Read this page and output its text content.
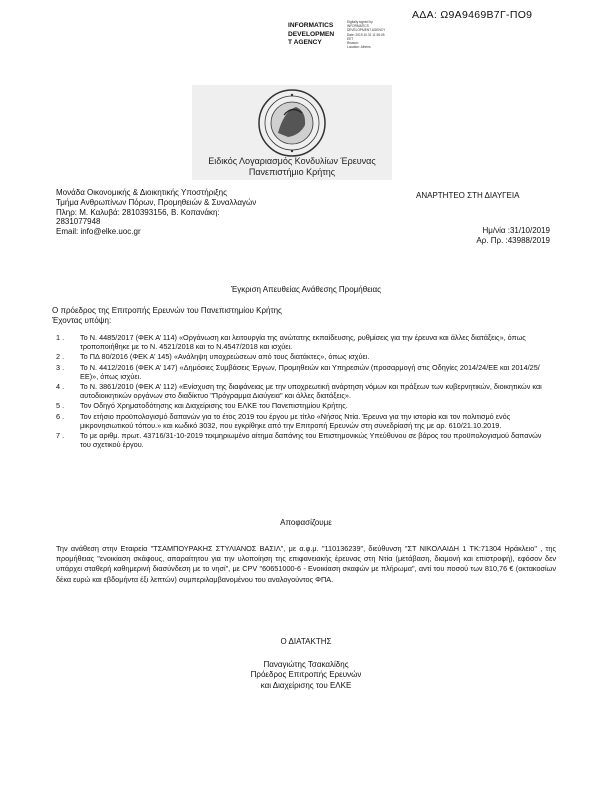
ΑΔΑ: Ω9Α9469Β7Γ-ΠΟ9
INFORMATICS
DEVELOPMEN
T AGENCY
Digitally signed by
INFORMATICS
DEVELOPMENT AGENCY
Date: 2019.10.31 11:36:05
EET
Reason:
Location: Athens
Ειδικός Λογαριασμός Κονδυλίων Έρευνας
Πανεπιστήμιο Κρήτης
Μονάδα Οικονομικής & Διοικητικής Υποστήριξης
Τμήμα Ανθρωπίνων Πόρων, Προμηθειών & Συναλλαγών
Πληρ: Μ. Καλυβά: 2810393156, Β. Κοπανάκη:
2831077948
Email: info@elke.uoc.gr
ΑΝΑΡΤΗΤΕΟ ΣΤΗ ΔΙΑΥΓΕΙΑ
Ημ/νία :31/10/2019
Αρ. Πρ. :43988/2019
Έγκριση Απευθείας Ανάθεσης Προμήθειας
Ο πρόεδρος της Επιτροπής Ερευνών του Πανεπιστημίου Κρήτης
Έχοντας υπόψη:
1 .	Το Ν. 4485/2017 (ΦΕΚ Α’ 114) «Οργάνωση και λειτουργία της ανώτατης εκπαίδευσης, ρυθμίσεις για την έρευνα και άλλες διατάξεις», όπως τροποποιήθηκε με το Ν. 4521/2018 και το Ν.4547/2018 και ισχύει.
2 .	Το ΠΔ 80/2016 (ΦΕΚ Α’ 145) «Ανάληψη υποχρεώσεων από τους διατάκτες», όπως ισχύει.
3 .	Το Ν. 4412/2016 (ΦΕΚ Α’ 147) «Δημόσιες Συμβάσεις Έργων, Προμηθειών και Υπηρεσιών (προσαρμογή στις Οδηγίες 2014/24/ΕΕ και 2014/25/ΕΕ)», όπως ισχύει.
4 .	Το Ν. 3861/2010 (ΦΕΚ Α’ 112) «Ενίσχυση της διαφάνειας με την υποχρεωτική ανάρτηση νόμων και πράξεων των κυβερνητικών, διοικητικών και αυτοδιοικητικών οργάνων στο διαδίκτυο "Πρόγραμμα Διαύγεια" και άλλες διατάξεις».
5 .	Τον Οδηγό Χρηματοδότησης και Διαχείρισης του ΕΛΚΕ του Πανεπιστημίου Κρήτης.
6 .	Τον ετήσιο προϋπολογισμό δαπανών για το έτος 2019 του έργου με τίτλο «Νήσος Ντία. Έρευνα για την ιστορία και τον πολιτισμό ενός μικρονησιωτικού τόπου.» και κωδικό 3032, που εγκρίθηκε από την Επιτροπή Ερευνών στη συνεδρίασή της με αρ. 610/21.10.2019.
7 .	Το με αριθμ. πρωτ. 43716/31-10-2019 τεκμηριωμένο αίτημα δαπάνης του Επιστημονικώς Υπεύθυνου σε βάρος του προϋπολογισμού δαπανών του σχετικού έργου.
Αποφασίζουμε
Την ανάθεση στην Εταιρεία "ΤΣΑΜΠΟΥΡΑΚΗΣ ΣΤΥΛΙΑΝΟΣ ΒΑΣΙΛ", με α.φ.μ. "110136239", διεύθυνση "ΣΤ ΝΙΚΟΛΑΙΔΗ 1 ΤΚ:71304 Ηράκλειο" , της προμήθειας "ενοικίαση σκάφους, απαραίτητου για την υλοποίηση της επιφανειακής έρευνας στη Ντία (μετάβαση, διαμονή και επιστροφή), εφόσον δεν υπάρχει σταθερή καθημερινή διασύνδεση με το νησί", με CPV "60651000-6 - Ενοικίαση σκαφών με πλήρωμα", αντί του ποσού των 810,76 € (οκτακοσίων δέκα ευρώ και εβδομήντα έξι λεπτών) συμπεριλαμβανομένου του αναλογούντος ΦΠΑ.
Ο ΔΙΑΤΑΚΤΗΣ
Παναγιώτης Τσακαλίδης
Πρόεδρος Επιτροπής Ερευνών
και Διαχείρισης του ΕΛΚΕ
